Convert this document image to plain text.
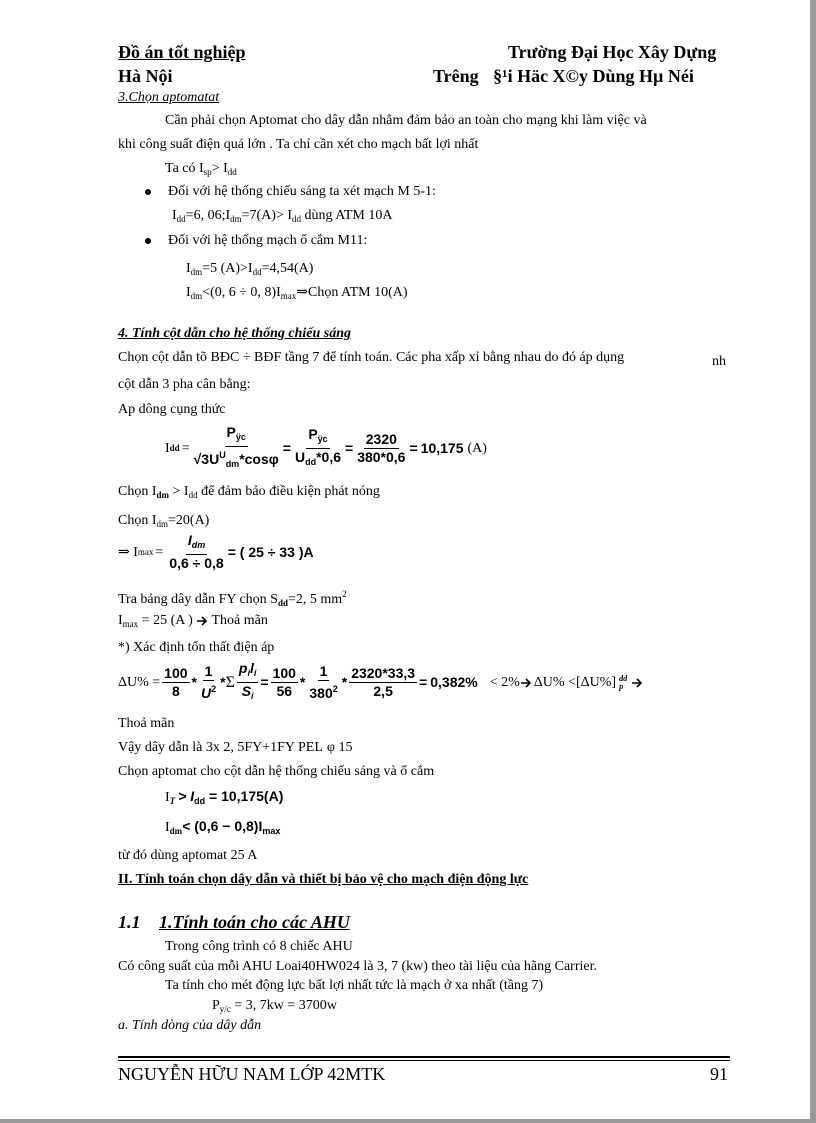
Đồ án tốt nghiệp	Trường Đại Học Xây Dựng
Hà Nội	Trêng §¹i Häc X©y Dùng Hµ Néi
3.Chọn aptomatat
Cần phải chọn Aptomat cho dây dẫn nhằm đảm bảo an toàn cho mạng khi làm việc và
khi công suất điện quá lớn . Ta chỉ cần xét cho mạch bất lợi nhất
Ta có $I_{sp}> I_{dd}$
Đối với hệ thống chiếu sáng ta xét mạch M 5-1:
$I_{dd}=6$, $06;I_{dm}=7(A)> I_{dd}$ dùng ATM 10A
Đối với hệ thống mạch ổ cắm M11:
$I_{dm}=5$ $(A)>I_{dd}=4,54(A)$
$I_{dm}<(0$, 6 ÷ 0, $8)I_{max}\Rightarrow Chọn$ ATM 10(A)
4. Tính cột dẫn cho hệ thống chiếu sáng
Chọn cột dẫn tõ BĐC ÷ BĐF tầng 7 để tính toán. Các pha xấp xỉ bằng nhau do đó áp dụng	nh
cột dẫn 3 pha cân bằng:
Ap dông cụng thức
I dd = $\frac{P_{ÿc}}{√3U^U_{dm}*\cos\varphi} = \frac{P_{ÿc}}{U_{dd}*0,6} = \frac{2320}{380*0,6} = 10,175$ (A)
Chọn $I_{dm} > I_{dd}$ để đảm bảo điều kiện phát nóng
Chọn $I_{dm}=20(A)$
⇒ I $\max = \frac{I_{dm}}{0,6 \div 0,8}$ = ( 25 ÷ 33 )A
Tra bảng dây dẫn FY chọn $S_{dd}=2$, 5 $mm^2$
$I_{max} = 25$ (A ) Thoả mãn
*) Xác định tổn thất điện áp
$\Delta U\% = \frac{100}{8} * \frac{1}{U^2} * \Sigma \frac{p_il_i}{S_i} = \frac{100}{56} * \frac{1}{380^2} * \frac{2320*33,3}{2,5} = 0,382\% < 2\%$ ΔU% <[ΔU%] dd
p
Thoả mãn
Vậy dây dẫn là 3x 2, 5FY+1FY PEL φ 15
Chọn aptomat cho cột dẫn hệ thống chiếu sáng và ổ cắm
$I_T > I_{dd} = 10,175(A)$
$I_{dm}< (0,6 - 0,8)I_{max}$
từ đó dùng aptomat 25 A
II. Tính toán chọn dây dẫn và thiết bị bảo vệ cho mạch điện động lực
1.1 1.Tính toán cho các AHU
Trong công trình có 8 chiếc AHU
Có công suất của mỗi AHU Loai40HW024 là 3, 7 (kw) theo tài liệu của hãng Carrier.
Ta tính cho mét động lực bất lợi nhất tức là mạch ở xa nhất (tầng 7)
$P_{y/c} = 3$, 7kw = 3700w
a. Tính dòng của dây dẫn
NGUYỄN HỮU NAM LỚP 42MTK	91
